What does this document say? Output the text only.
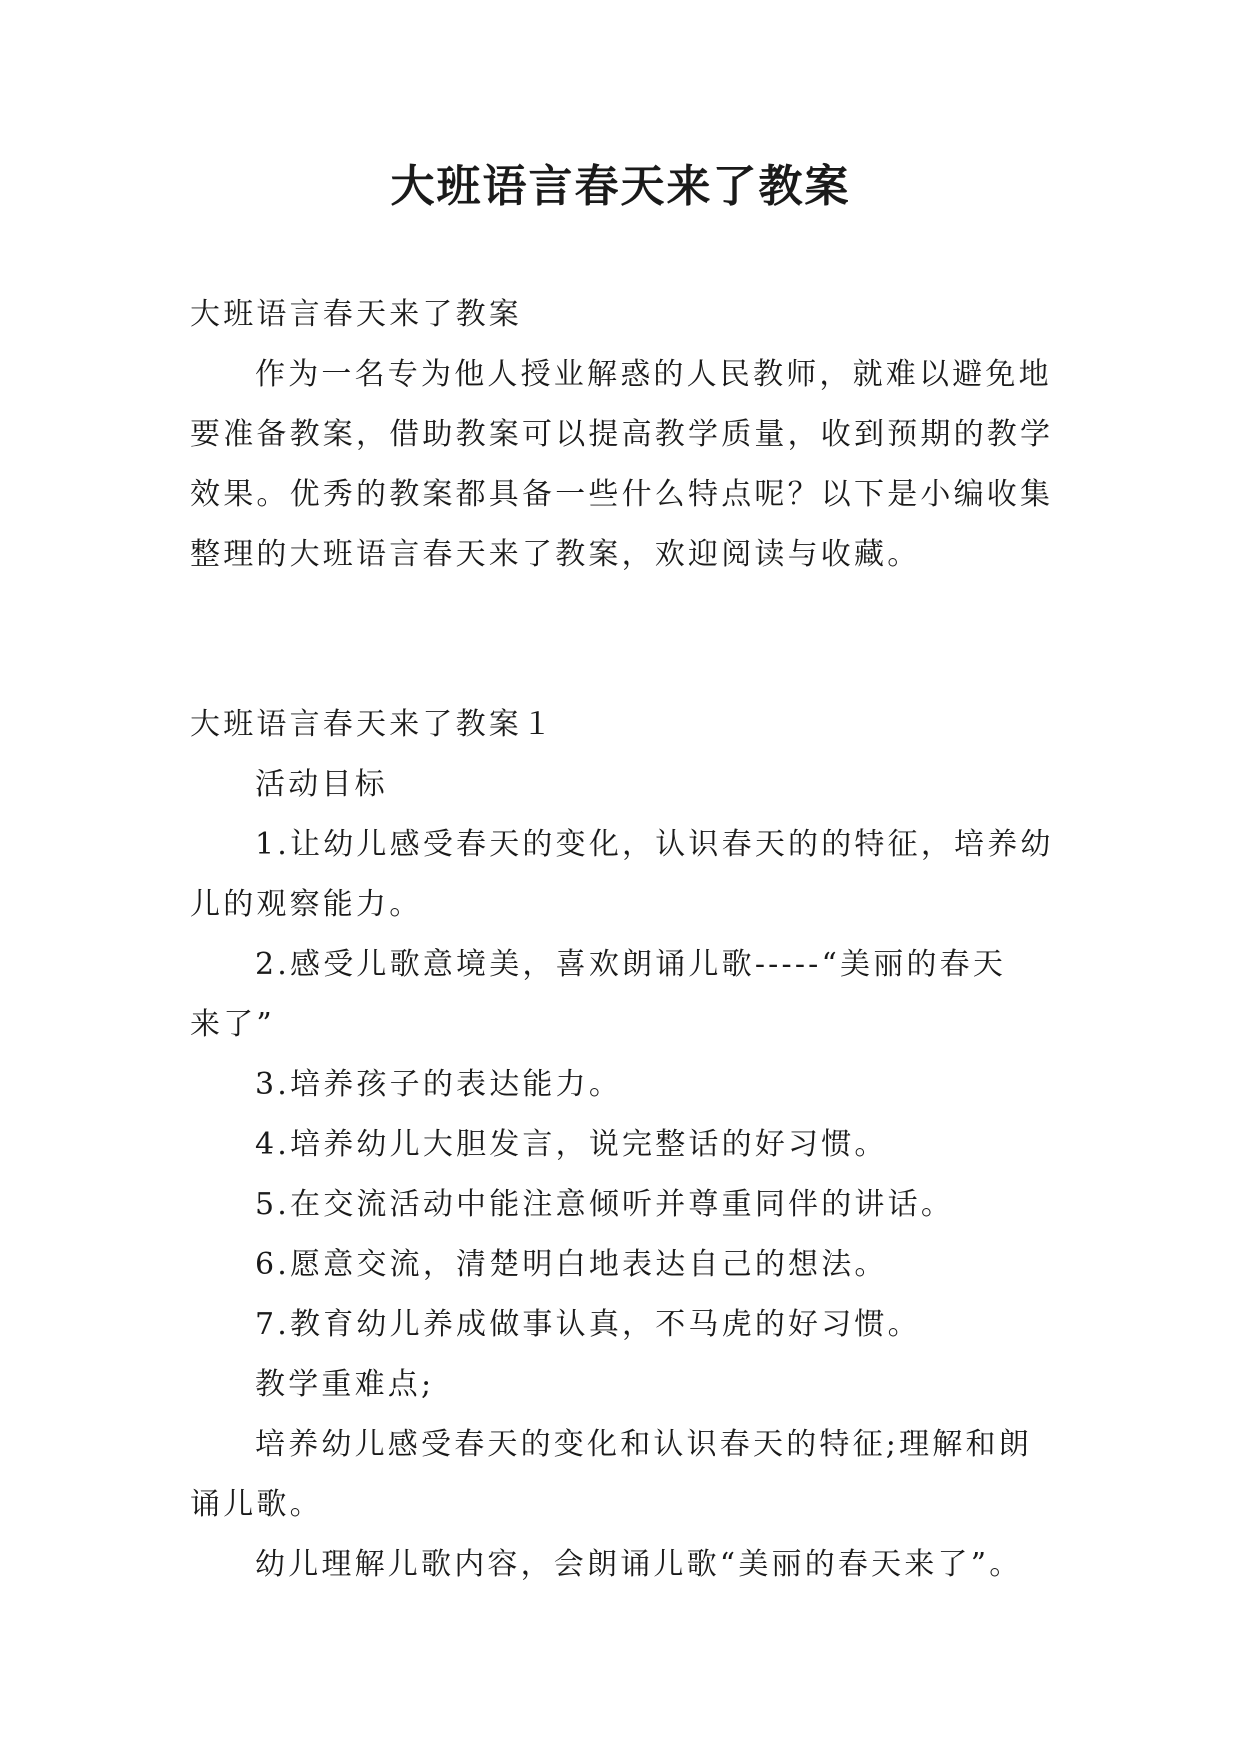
大班语言春天来了教案
大班语言春天来了教案
作为一名专为他人授业解惑的人民教师，就难以避免地
要准备教案，借助教案可以提高教学质量，收到预期的教学
效果。优秀的教案都具备一些什么特点呢？以下是小编收集
整理的大班语言春天来了教案，欢迎阅读与收藏。
大班语言春天来了教案１
活动目标
1.让幼儿感受春天的变化，认识春天的的特征，培养幼
儿的观察能力。
2.感受儿歌意境美，喜欢朗诵儿歌-----“美丽的春天
来了”
3.培养孩子的表达能力。
4.培养幼儿大胆发言，说完整话的好习惯。
5.在交流活动中能注意倾听并尊重同伴的讲话。
6.愿意交流，清楚明白地表达自己的想法。
7.教育幼儿养成做事认真，不马虎的好习惯。
教学重难点;
培养幼儿感受春天的变化和认识春天的特征;理解和朗
诵儿歌。
幼儿理解儿歌内容，会朗诵儿歌“美丽的春天来了”。
